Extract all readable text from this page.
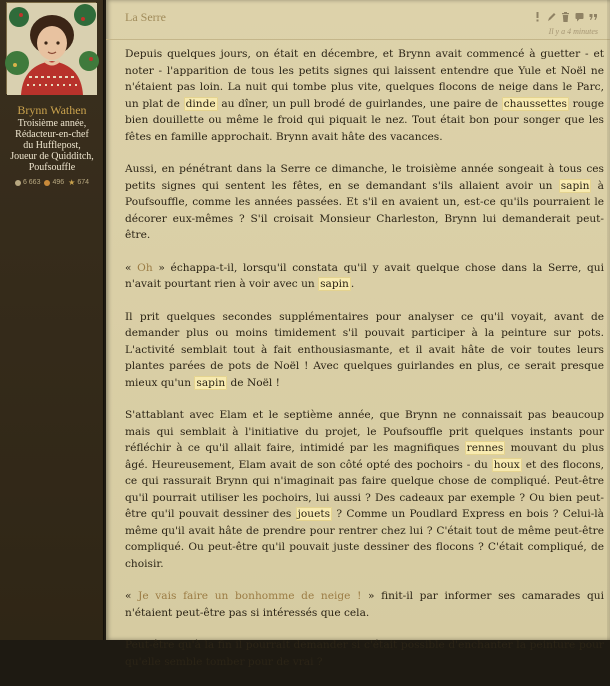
Brynn Wathen
Troisième année,
Rédacteur-en-chef
du Hufflepost,
Joueur de Quidditch,
Poufsouffle
6 663 496 ★ 674
La Serre
Il y a 4 minutes

Depuis quelques jours, on était en décembre, et Brynn avait commencé à guetter - et noter - l'apparition de tous les petits signes qui laissent entendre que Yule et Noël ne n'étaient pas loin. La nuit qui tombe plus vite, quelques flocons de neige dans le Parc, un plat de dinde au dîner, un pull brodé de guirlandes, une paire de chaussettes rouge bien douillette ou même le froid qui piquait le nez. Tout était bon pour songer que les fêtes en famille approchait. Brynn avait hâte des vacances.

Aussi, en pénétrant dans la Serre ce dimanche, le troisième année songeait à tous ces petits signes qui sentent les fêtes, en se demandant s'ils allaient avoir un sapin à Poufsouffle, comme les années passées. Et s'il en avaient un, est-ce qu'ils pourraient le décorer eux-mêmes ? S'il croisait Monsieur Charleston, Brynn lui demanderait peut-être.

« Oh » échappa-t-il, lorsqu'il constata qu'il y avait quelque chose dans la Serre, qui n'avait pourtant rien à voir avec un sapin .

Il prit quelques secondes supplémentaires pour analyser ce qu'il voyait, avant de demander plus ou moins timidement s'il pouvait participer à la peinture sur pots. L'activité semblait tout à fait enthousiasmante, et il avait hâte de voir toutes leurs plantes parées de pots de Noël ! Avec quelques guirlandes en plus, ce serait presque mieux qu'un sapin de Noël !

S'attablant avec Elam et le septième année, que Brynn ne connaissait pas beaucoup mais qui semblait à l'initiative du projet, le Poufsouffle prit quelques instants pour réfléchir à ce qu'il allait faire, intimidé par les magnifiques rennes mouvant du plus âgé. Heureusement, Elam avait de son côté opté des pochoirs - du houx et des flocons, ce qui rassurait Brynn qui n'imaginait pas faire quelque chose de compliqué. Peut-être qu'il pourrait utiliser les pochoirs, lui aussi ? Des cadeaux par exemple ? Ou bien peut-être qu'il pouvait dessiner des jouets ? Comme un Poudlard Express en bois ? Celui-là même qu'il avait hâte de prendre pour rentrer chez lui ? C'était tout de même peut-être compliqué. Ou peut-être qu'il pouvait juste dessiner des flocons ? C'était compliqué, de choisir.

« Je vais faire un bonhomme de neige ! » finit-il par informer ses camarades qui n'étaient peut-être pas si intéressés que cela.

Peut-être qu'à la fin il pourrait demander si c'était possible d'enchanter la peinture pour qu'elle semble tomber pour de vrai ?
